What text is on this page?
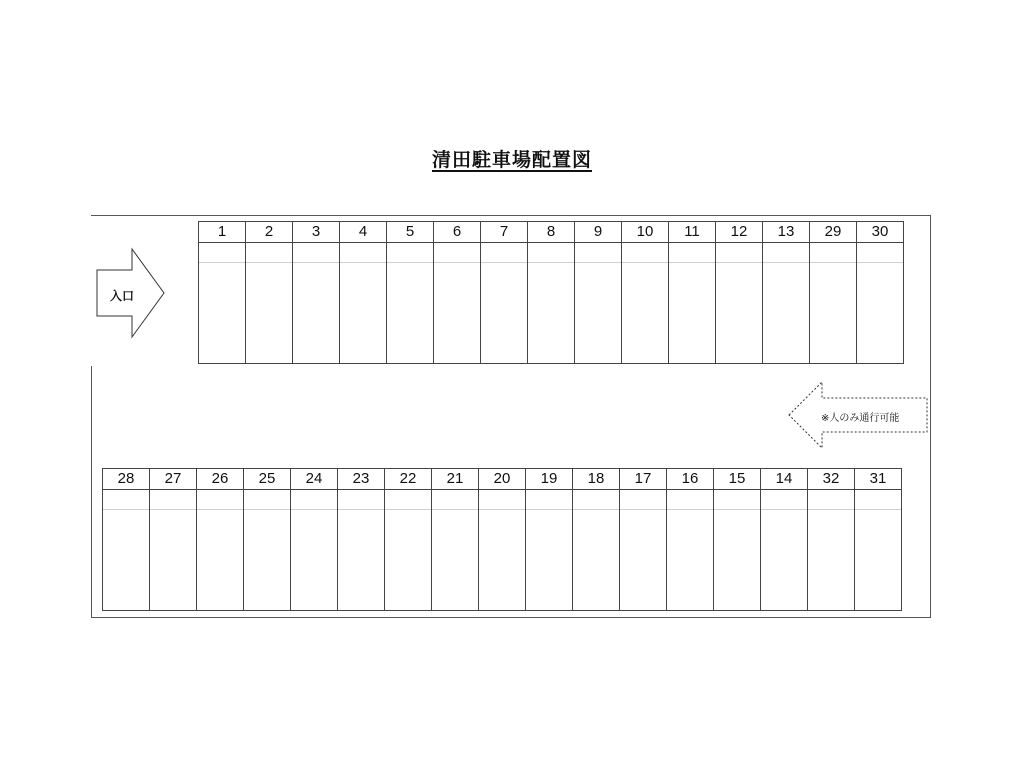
清田駐車場配置図
1	2	3	4	5	6	7	8	9	10	11	12	13	29	30
28	27	26	25	24	23	22	21	20	19	18	17	16	15	14	32	31
入口
※人のみ通行可能
